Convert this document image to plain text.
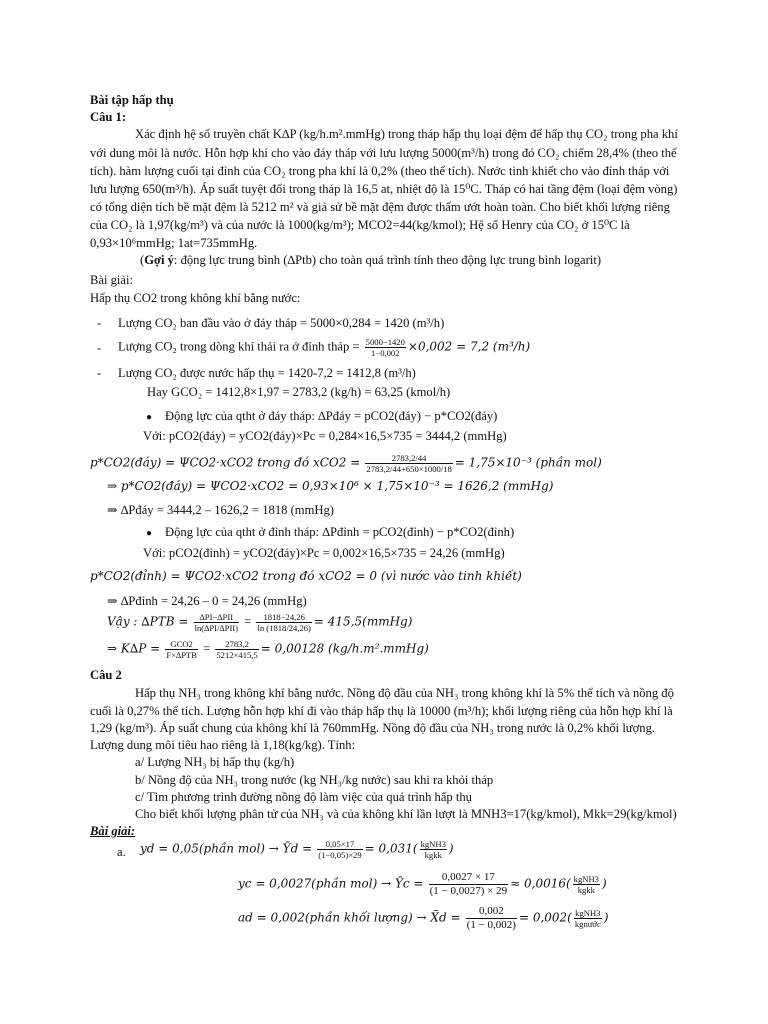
Bài tập hấp thụ
Câu 1:
Xác định hệ số truyền chất K∆P (kg/h.m².mmHg) trong tháp hấp thụ loại đệm để hấp thụ CO₂ trong pha khí
với dung môi là nước. Hỗn hợp khí cho vào đáy tháp với lưu lượng 5000(m³/h) trong đó CO₂ chiếm 28,4% (theo thể
tích). hàm lượng cuối tại đỉnh của CO₂ trong pha khí là 0,2% (theo thể tích). Nước tinh khiết cho vào đỉnh tháp với
lưu lượng 650(m³/h). Áp suất tuyệt đối trong tháp là 16,5 at, nhiệt độ là 15⁰C. Tháp có hai tầng đệm (loại đệm vòng)
có tổng diện tích bề mặt đệm là 5212 m² và giả sử bề mặt đệm được thấm ướt hoàn toàn. Cho biết khối lượng riêng
của CO₂ là 1,97(kg/m³) và của nước là 1000(kg/m³); MCO2=44(kg/kmol); Hệ số Henry của CO₂ ở 15⁰C là
0,93×10⁶mmHg; 1at=735mmHg.
(Gợi ý: động lực trung bình (∆Ptb) cho toàn quá trình tính theo động lực trung bình logarit)
Bài giải:
Hấp thụ CO2 trong không khí bằng nước:
- Lượng CO₂ ban đầu vào ở đáy tháp = 5000×0,284 = 1420 (m³/h)
- Lượng CO₂ trong dòng khí thải ra ở đỉnh tháp = $\frac{5000-1420}{1-0,002} \times 0,002 = 7,2$ (m³/h)
- Lượng CO₂ được nước hấp thụ = 1420-7,2 = 1412,8 (m³/h)
Hay GCO₂ = 1412,8×1,97 = 2783,2 (kg/h) = 63,25 (kmol/h)
● Động lực của qtht ở đáy tháp: ∆Pđáy = pCO2(đáy) − p*CO2(đáy)
Với: pCO2(đáy) = yCO2(đáy)×Pc = 0,284×16,5×735 = 3444,2 (mmHg)
p*CO2(đáy) = ΨCO2·xCO2 trong đó $xCO2 = \frac{2783,2/44}{2783,2/44+650\times 1000/18} = 1,75\times 10^{-3}$ (phần mol)
⇒ p*CO2(đáy) = ΨCO2·xCO2 = 0,93×10⁶ × 1,75×10⁻³ = 1626,2 (mmHg)
⇒ ∆Pđáy = 3444,2 – 1626,2 = 1818 (mmHg)
● Động lực của qtht ở đỉnh tháp: ∆Pđỉnh = pCO2(đỉnh) − p*CO2(đỉnh)
Với: pCO2(đỉnh) = yCO2(đáy)×Pc = 0,002×16,5×735 = 24,26 (mmHg)
p*CO2(đỉnh) = ΨCO2·xCO2 trong đó xCO2 = 0 (vì nước vào tinh khiết)
⇒ ∆Pđỉnh = 24,26 – 0 = 24,26 (mmHg)
Vậy : $\Delta PTB = \frac{\text{∆PI−∆PII}}{\text{ln(∆PI/∆PII)}} = \frac{1818-24,26}{\ln (1818/24,26)}$ = 415,5(mmHg)
⇒ $K\Delta P = \frac{\text{GCO2}}{\text{F×∆PTB}} = \frac{2783,2}{5212\times 415,5} = 0,00128$ (kg/h.m².mmHg)
Câu 2
Hấp thụ NH₃ trong không khí bằng nước. Nồng độ đầu của NH₃ trong không khí là 5% thể tích và nồng độ
cuối là 0,27% thể tích. Lượng hỗn hợp khí đi vào tháp hấp thụ là 10000 (m³/h); khối lượng riêng của hỗn hợp khí là
1,29 (kg/m³). Áp suất chung của không khí là 760mmHg. Nồng độ đầu của NH₃ trong nước là 0,2% khối lượng.
Lượng dung môi tiêu hao riêng là 1,18(kg/kg). Tính:
a/ Lượng NH₃ bị hấp thụ (kg/h)
b/ Nồng độ của NH₃ trong nước (kg NH₃/kg nước) sau khi ra khỏi tháp
c/ Tìm phương trình đường nồng độ làm việc của quá trình hấp thụ
Cho biết khối lượng phân tử của NH₃ và của không khí lần lượt là MNH3=17(kg/kmol), Mkk=29(kg/kmol)
Bài giải:
a. yd = 0,05(phần mol) → Ȳd = $\frac{0,05\times 17}{(1-0,05)\times 29} = 0,031( \frac{\text{kgNH3}}{\text{kgkk}}$ )
yc = 0,0027(phần mol) → Ȳc = $\frac{0,0027 \times 17}{(1 - 0,0027) \times 29} \approx 0,0016( \frac{\text{kgNH3}}{\text{kgkk}}$ )
ad = 0,002(phần khối lượng) → X̄d = $\frac{0,002}{(1 - 0,002)} = 0,002( \frac{\text{kgNH3}}{\text{kgnước}}$ )
